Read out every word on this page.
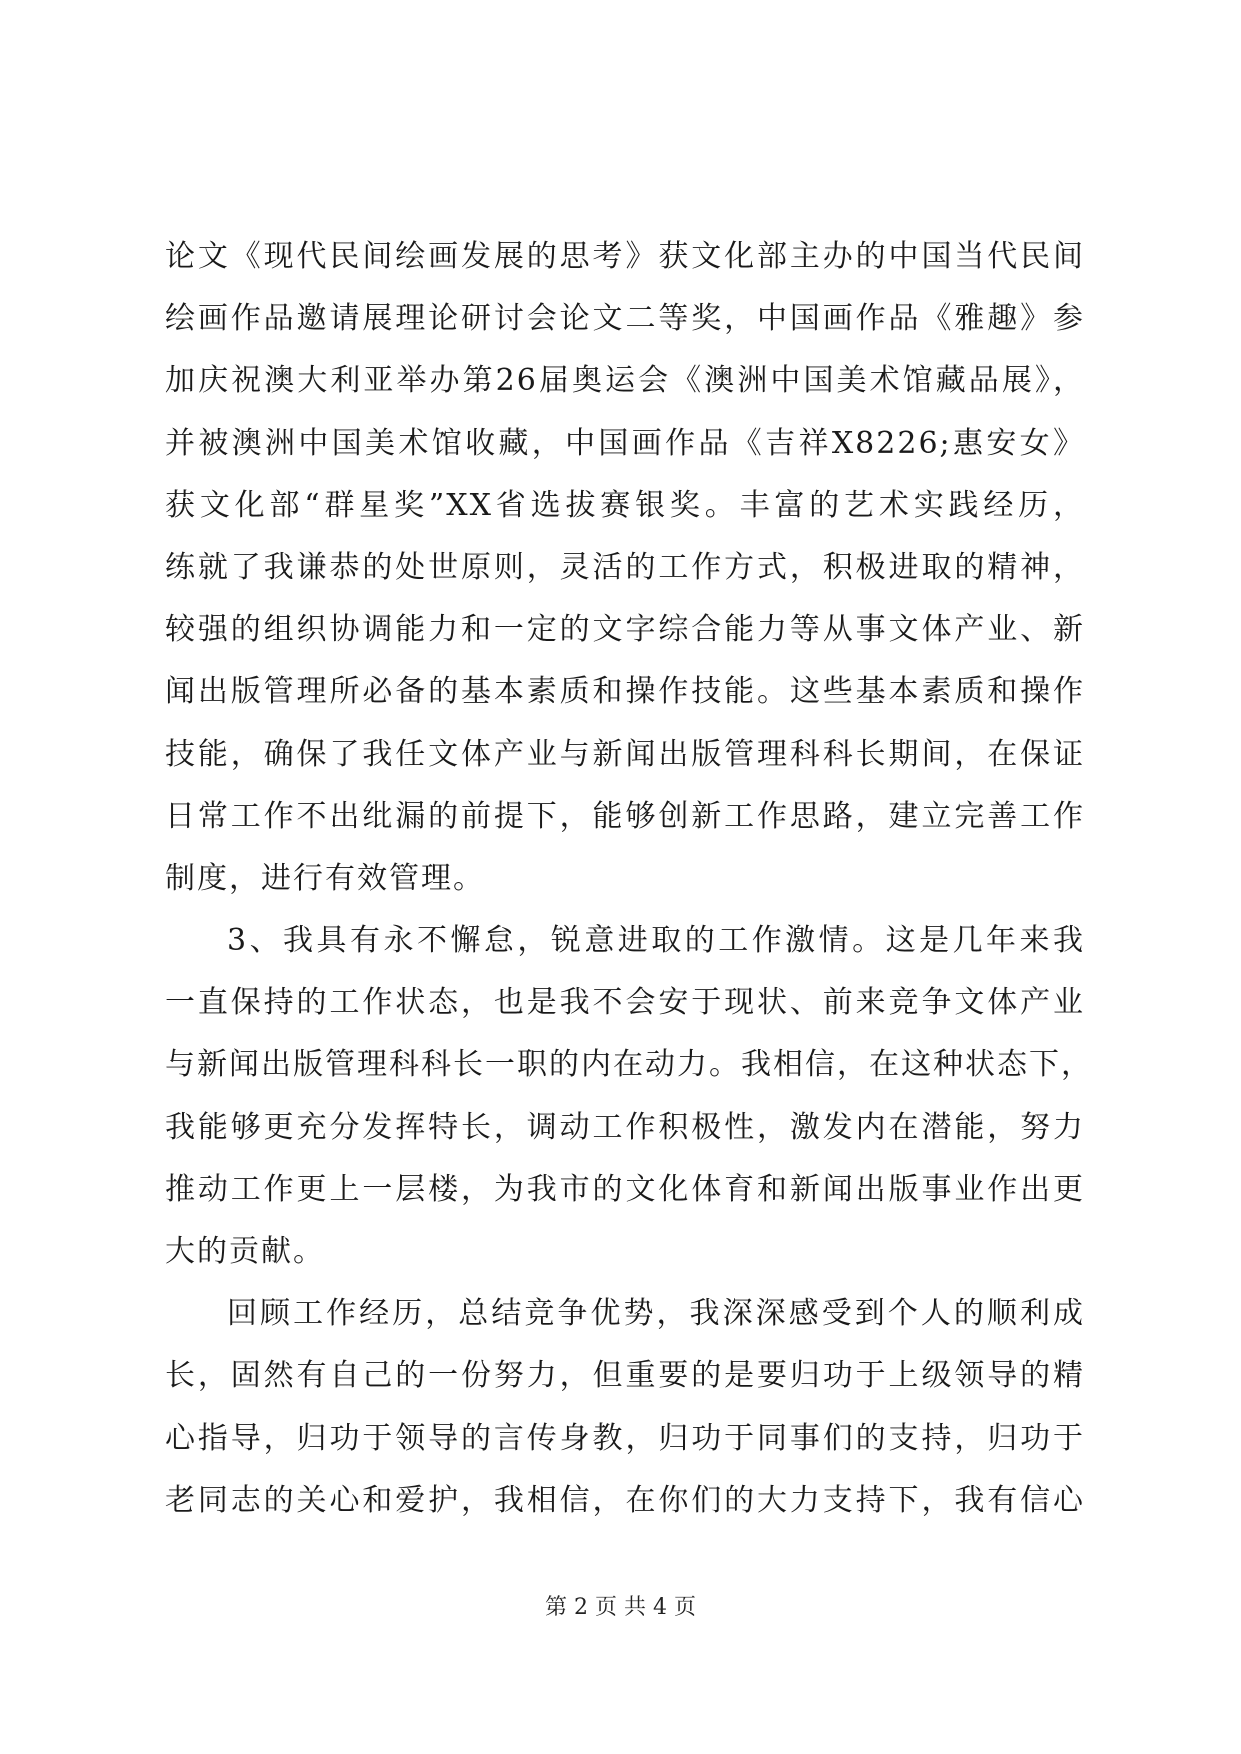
论文《现代民间绘画发展的思考》获文化部主办的中国当代民间
绘画作品邀请展理论研讨会论文二等奖，中国画作品《雅趣》参
加庆祝澳大利亚举办第26届奥运会《澳洲中国美术馆藏品展》，
并被澳洲中国美术馆收藏，中国画作品《吉祥X8226;惠安女》
获文化部“群星奖”XX省选拔赛银奖。丰富的艺术实践经历，
练就了我谦恭的处世原则，灵活的工作方式，积极进取的精神，
较强的组织协调能力和一定的文字综合能力等从事文体产业、新
闻出版管理所必备的基本素质和操作技能。这些基本素质和操作
技能，确保了我任文体产业与新闻出版管理科科长期间，在保证
日常工作不出纰漏的前提下，能够创新工作思路，建立完善工作
制度，进行有效管理。
3、我具有永不懈怠，锐意进取的工作激情。这是几年来我
一直保持的工作状态，也是我不会安于现状、前来竞争文体产业
与新闻出版管理科科长一职的内在动力。我相信，在这种状态下，
我能够更充分发挥特长，调动工作积极性，激发内在潜能，努力
推动工作更上一层楼，为我市的文化体育和新闻出版事业作出更
大的贡献。
回顾工作经历，总结竞争优势，我深深感受到个人的顺利成
长，固然有自己的一份努力，但重要的是要归功于上级领导的精
心指导，归功于领导的言传身教，归功于同事们的支持，归功于
老同志的关心和爱护，我相信，在你们的大力支持下，我有信心
第 2 页 共 4 页
